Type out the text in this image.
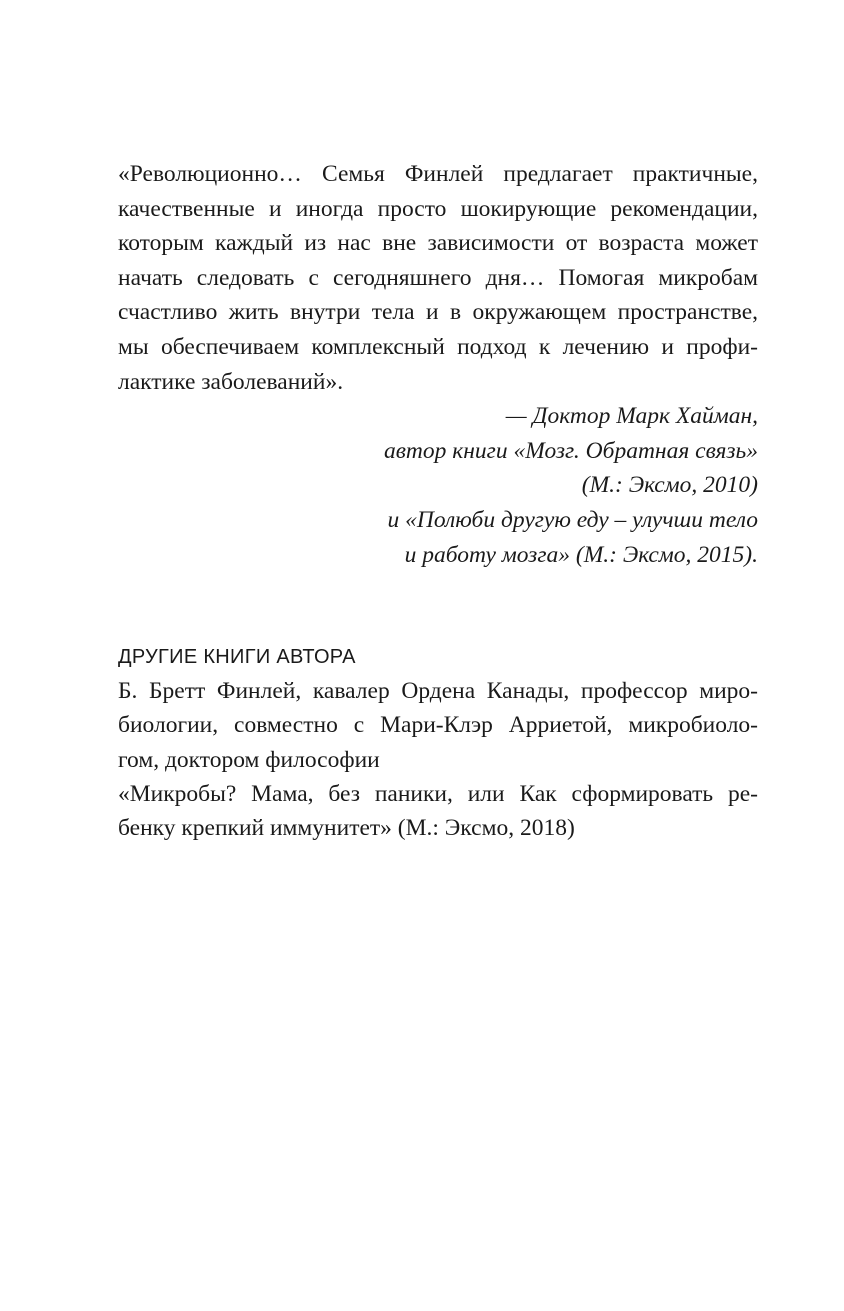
«Революционно… Семья Финлей предлагает практичные,
качественные и иногда просто шокирующие рекомендации,
которым каждый из нас вне зависимости от возраста может
начать следовать с сегодняшнего дня… Помогая микробам
счастливо жить внутри тела и в окружающем пространстве,
мы обеспечиваем комплексный подход к лечению и профи-
лактике заболеваний».
— Доктор Марк Хайман,
автор книги «Мозг. Обратная связь»
(М.: Эксмо, 2010)
и «Полюби другую еду – улучши тело
и работу мозга» (М.: Эксмо, 2015).
ДРУГИЕ КНИГИ АВТОРА
Б. Бретт Финлей, кавалер Ордена Канады, профессор миро-
биологии, совместно с Мари-Клэр Арриетой, микробиоло-
гом, доктором философии
«Микробы? Мама, без паники, или Как сформировать ре-
бенку крепкий иммунитет» (М.: Эксмо, 2018)
